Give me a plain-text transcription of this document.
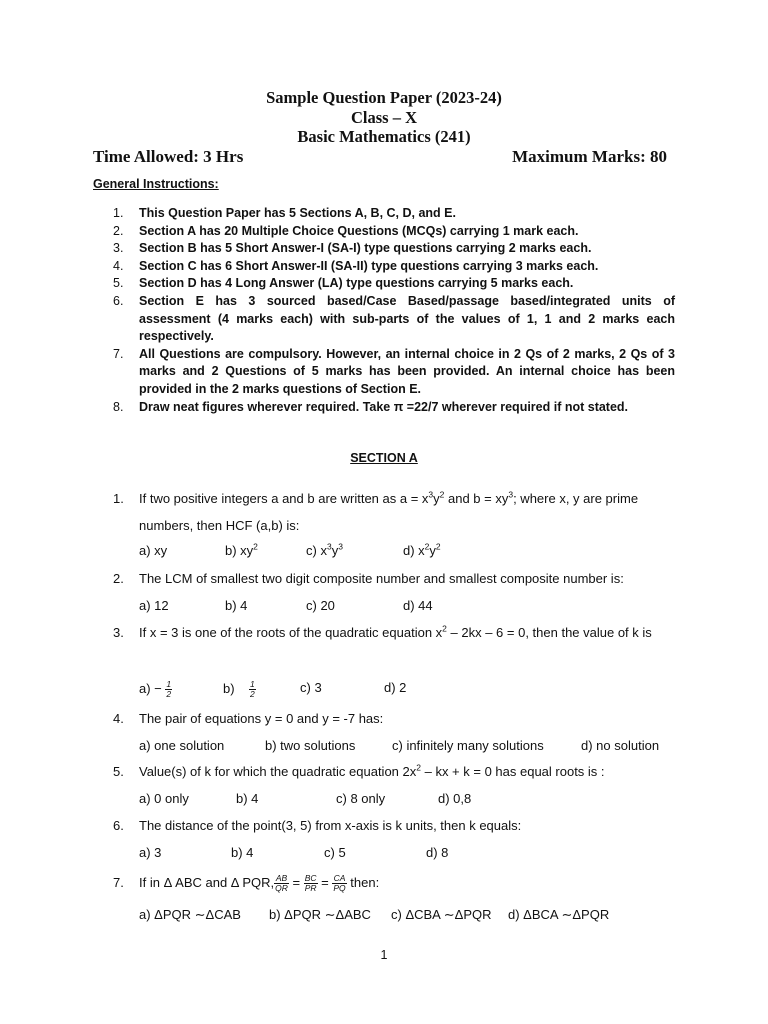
Sample Question Paper (2023-24)
Class – X
Basic Mathematics (241)
Time Allowed: 3 Hrs	Maximum Marks: 80
General Instructions:
1. This Question Paper has 5 Sections A, B, C, D, and E.
2. Section A has 20 Multiple Choice Questions (MCQs) carrying 1 mark each.
3. Section B has 5 Short Answer-I (SA-I) type questions carrying 2 marks each.
4. Section C has 6 Short Answer-II (SA-II) type questions carrying 3 marks each.
5. Section D has 4 Long Answer (LA) type questions carrying 5 marks each.
6. Section E has 3 sourced based/Case Based/passage based/integrated units of assessment (4 marks each) with sub-parts of the values of 1, 1 and 2 marks each respectively.
7. All Questions are compulsory. However, an internal choice in 2 Qs of 2 marks, 2 Qs of 3 marks and 2 Questions of 5 marks has been provided. An internal choice has been provided in the 2 marks questions of Section E.
8. Draw neat figures wherever required. Take π =22/7 wherever required if not stated.
SECTION A
1.	If two positive integers a and b are written as $a = x^3y^2$ and $b = xy^3$; where x, y are prime numbers, then HCF (a,b) is:
a) xy	b) $xy^2$	c) $x^3y^3$	d) $x^2y^2$
2.	The LCM of smallest two digit composite number and smallest composite number is:
a) 12	b) 4	c) 20	d) 44
3.	If x = 3 is one of the roots of the quadratic equation $x^2 - 2kx - 6 = 0$, then the value of k is
$a) - \frac{1}{2}$	$b) \frac{1}{2}$	c) 3	d) 2
4.	The pair of equations y = 0 and y = -7 has:
a) one solution	b) two solutions	c) infinitely many solutions	d) no solution
5.	Value(s) of k for which the quadratic equation $2x^2$ – kx + k = 0 has equal roots is :
a) 0 only	b) 4	c) 8 only	d) 0,8
6.	The distance of the point(3, 5) from x-axis is k units, then k equals:
a) 3	b) 4	c) 5	d) 8
7.	If in Δ ABC and Δ PQR, $\frac{AB}{QR} = \frac{BC}{PR} = \frac{CA}{PQ}$ then:
a) ΔPQR ∼ΔCAB b) ΔPQR ∼ΔABC c) ΔCBA ∼ΔPQR d) ΔBCA ∼ΔPQR
1
